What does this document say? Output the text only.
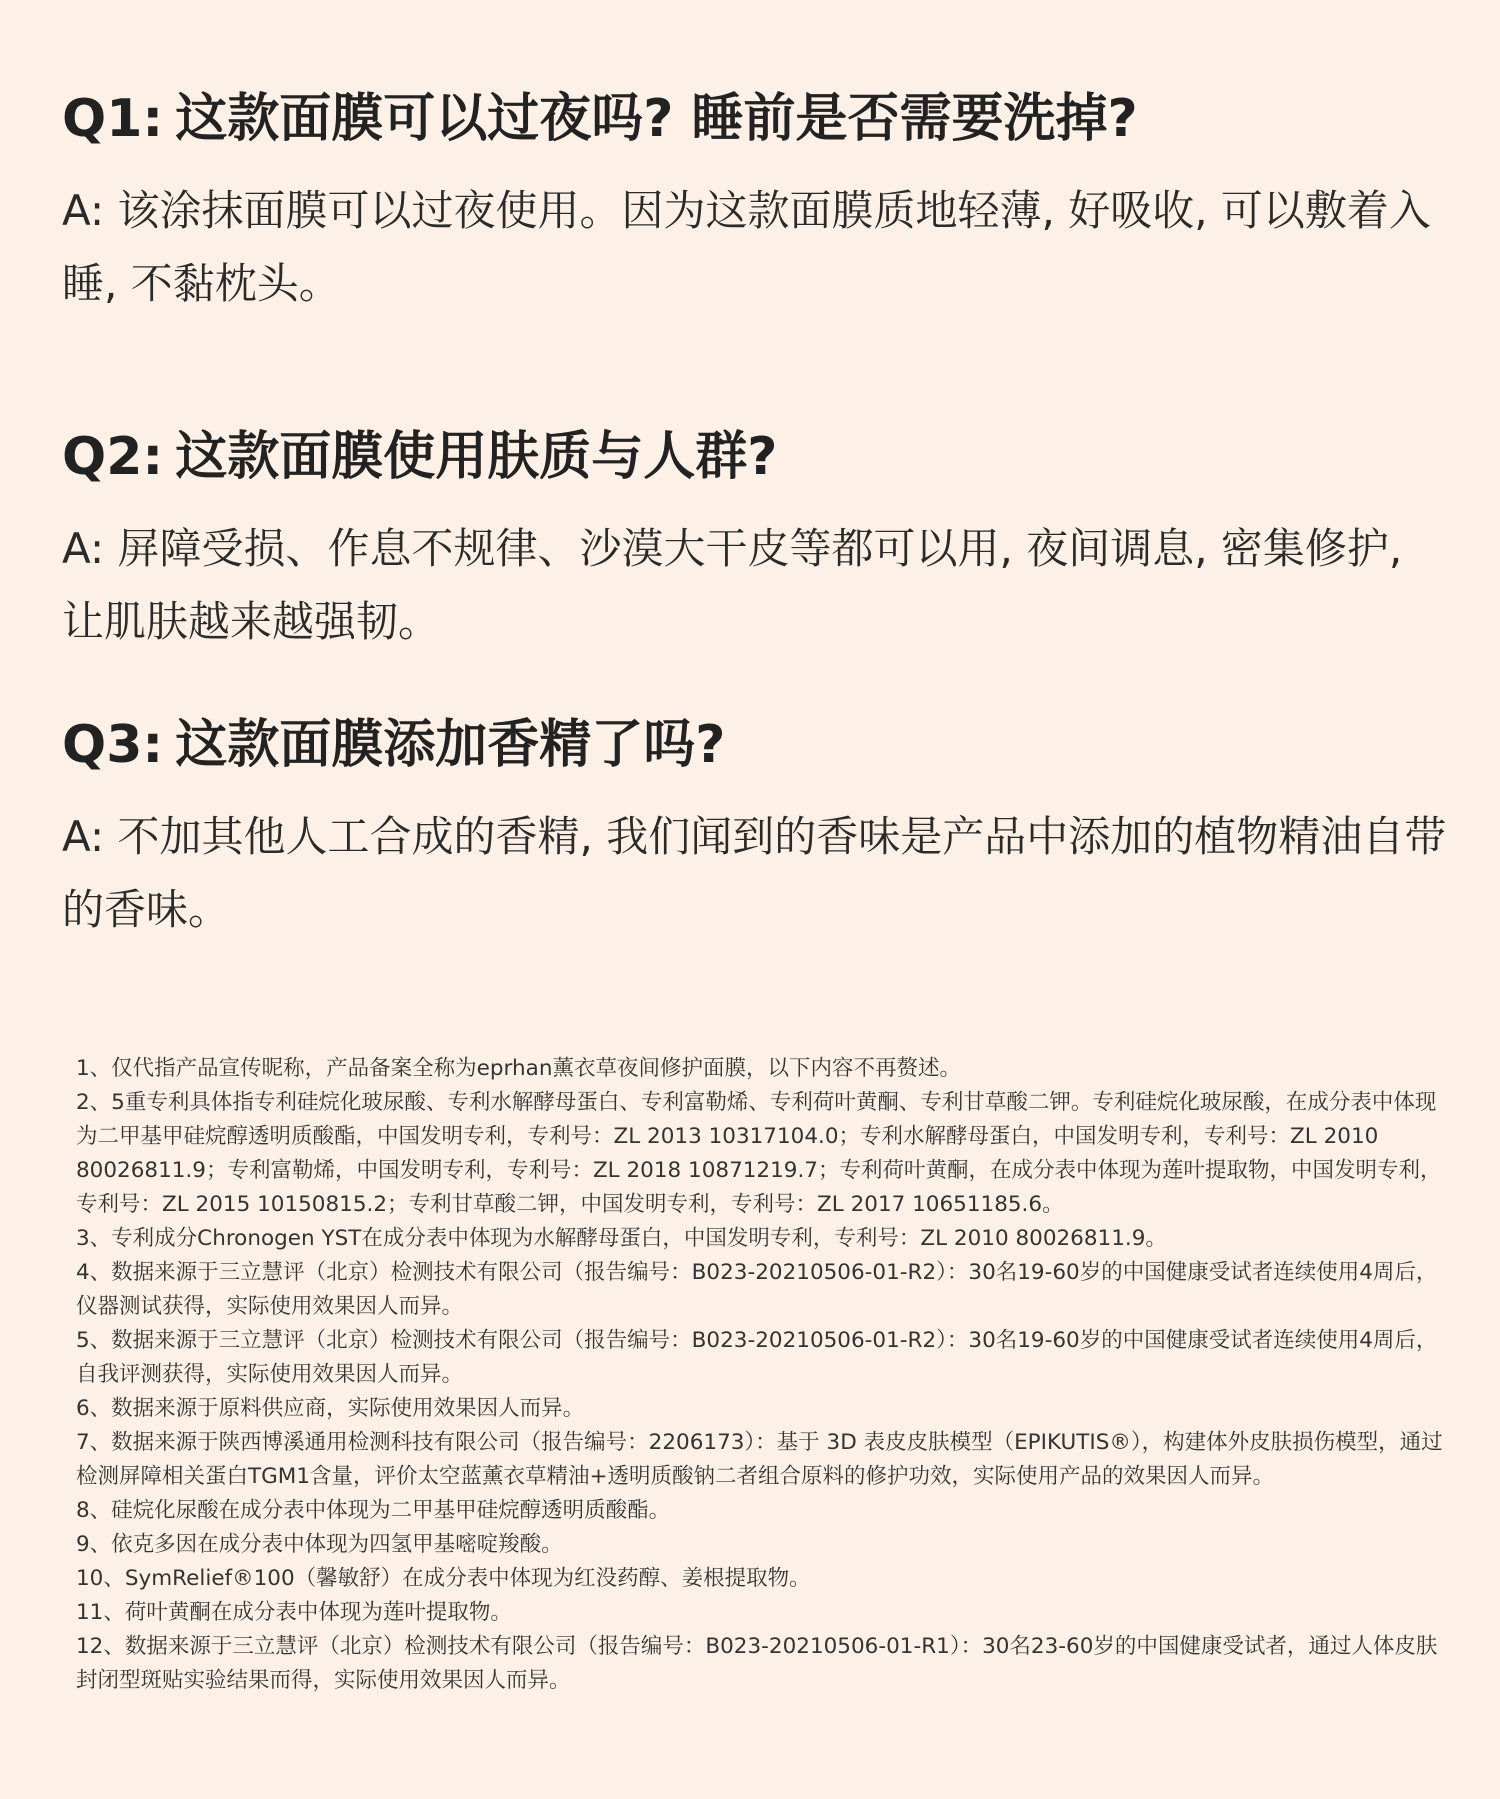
Q1: 这款面膜可以过夜吗? 睡前是否需要洗掉?

A: 该涂抹面膜可以过夜使用。因为这款面膜质地轻薄, 好吸收, 可以敷着入睡, 不黏枕头。

Q2: 这款面膜使用肤质与人群?

A: 屏障受损、作息不规律、沙漠大干皮等都可以用, 夜间调息, 密集修护, 让肌肤越来越强韧。

Q3: 这款面膜添加香精了吗?

A: 不加其他人工合成的香精, 我们闻到的香味是产品中添加的植物精油自带的香味。

1、仅代指产品宣传昵称，产品备案全称为eprhan薰衣草夜间修护面膜，以下内容不再赘述。
2、5重专利具体指专利硅烷化玻尿酸、专利水解酵母蛋白、专利富勒烯、专利荷叶黄酮、专利甘草酸二钾。专利硅烷化玻尿酸，在成分表中体现为二甲基甲硅烷醇透明质酸酯，中国发明专利，专利号：ZL 2013 10317104.0；专利水解酵母蛋白，中国发明专利，专利号：ZL 2010 80026811.9；专利富勒烯，中国发明专利，专利号：ZL 2018 10871219.7；专利荷叶黄酮，在成分表中体现为莲叶提取物，中国发明专利，专利号：ZL 2015 10150815.2；专利甘草酸二钾，中国发明专利，专利号：ZL 2017 10651185.6。
3、专利成分Chronogen YST在成分表中体现为水解酵母蛋白，中国发明专利，专利号：ZL 2010 80026811.9。
4、数据来源于三立慧评（北京）检测技术有限公司（报告编号：B023-20210506-01-R2）：30名19-60岁的中国健康受试者连续使用4周后，仪器测试获得，实际使用效果因人而异。
5、数据来源于三立慧评（北京）检测技术有限公司（报告编号：B023-20210506-01-R2）：30名19-60岁的中国健康受试者连续使用4周后，自我评测获得，实际使用效果因人而异。
6、数据来源于原料供应商，实际使用效果因人而异。
7、数据来源于陕西博溪通用检测科技有限公司（报告编号：2206173）：基于 3D 表皮皮肤模型（EPIKUTIS®），构建体外皮肤损伤模型，通过检测屏障相关蛋白TGM1含量，评价太空蓝薰衣草精油+透明质酸钠二者组合原料的修护功效，实际使用产品的效果因人而异。
8、硅烷化尿酸在成分表中体现为二甲基甲硅烷醇透明质酸酯。
9、依克多因在成分表中体现为四氢甲基嘧啶羧酸。
10、SymRelief®100（馨敏舒）在成分表中体现为红没药醇、姜根提取物。
11、荷叶黄酮在成分表中体现为莲叶提取物。
12、数据来源于三立慧评（北京）检测技术有限公司（报告编号：B023-20210506-01-R1）：30名23-60岁的中国健康受试者，通过人体皮肤封闭型斑贴实验结果而得，实际使用效果因人而异。
